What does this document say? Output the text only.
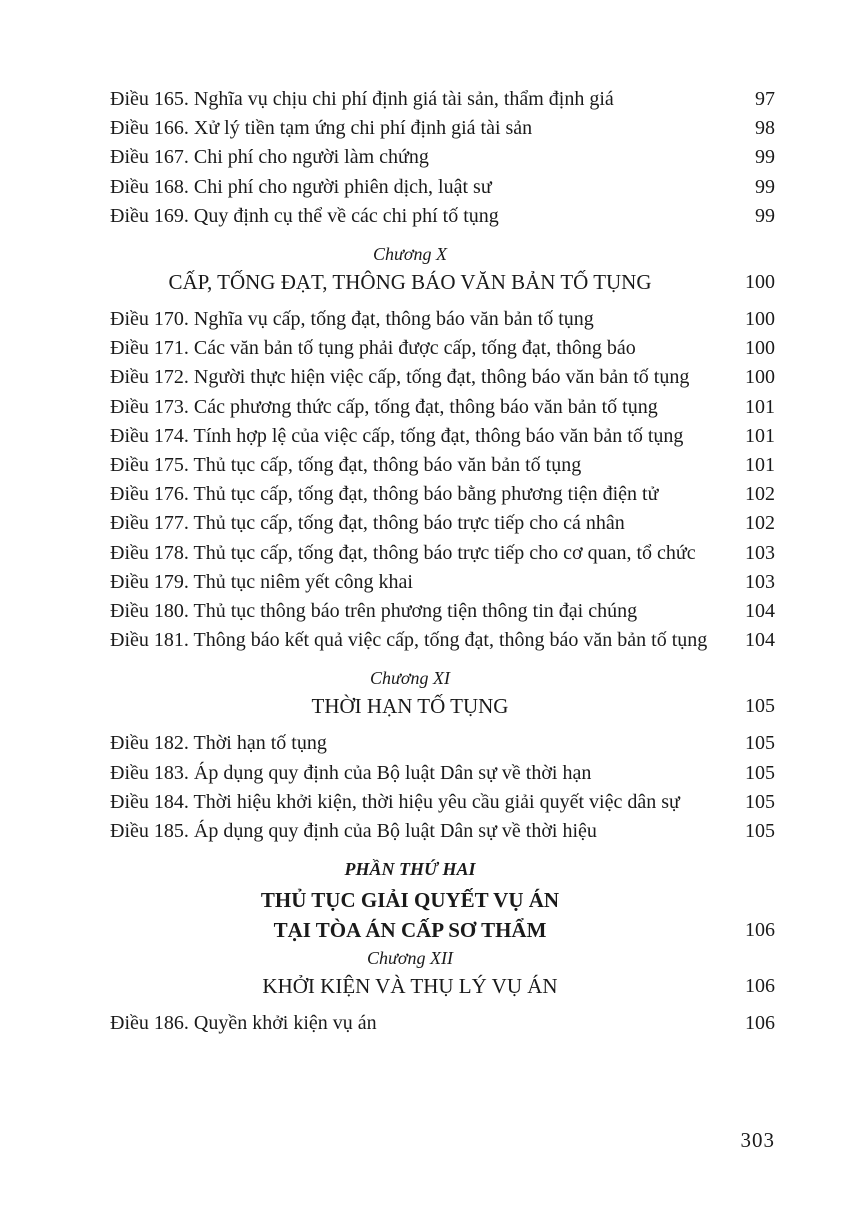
Điều 165. Nghĩa vụ chịu chi phí định giá tài sản, thẩm định giá	97
Điều 166. Xử lý tiền tạm ứng chi phí định giá tài sản	98
Điều 167. Chi phí cho người làm chứng	99
Điều 168. Chi phí cho người phiên dịch, luật sư	99
Điều 169. Quy định cụ thể về các chi phí tố tụng	99
Chương X
CẤP, TỐNG ĐẠT, THÔNG BÁO VĂN BẢN TỐ TỤNG	100
Điều 170. Nghĩa vụ cấp, tống đạt, thông báo văn bản tố tụng	100
Điều 171. Các văn bản tố tụng phải được cấp, tống đạt, thông báo	100
Điều 172. Người thực hiện việc cấp, tống đạt, thông báo văn bản tố tụng	100
Điều 173. Các phương thức cấp, tống đạt, thông báo văn bản tố tụng	101
Điều 174. Tính hợp lệ của việc cấp, tống đạt, thông báo văn bản tố tụng	101
Điều 175. Thủ tục cấp, tống đạt, thông báo văn bản tố tụng	101
Điều 176. Thủ tục cấp, tống đạt, thông báo bằng phương tiện điện tử	102
Điều 177. Thủ tục cấp, tống đạt, thông báo trực tiếp cho cá nhân	102
Điều 178. Thủ tục cấp, tống đạt, thông báo trực tiếp cho cơ quan, tổ chức 103
Điều 179. Thủ tục niêm yết công khai	103
Điều 180. Thủ tục thông báo trên phương tiện thông tin đại chúng	104
Điều 181. Thông báo kết quả việc cấp, tống đạt, thông báo văn bản tố tụng 104
Chương XI
THỜI HẠN TỐ TỤNG	105
Điều 182. Thời hạn tố tụng	105
Điều 183. Áp dụng quy định của Bộ luật Dân sự về thời hạn	105
Điều 184. Thời hiệu khởi kiện, thời hiệu yêu cầu giải quyết việc dân sự	105
Điều 185. Áp dụng quy định của Bộ luật Dân sự về thời hiệu	105
PHẦN THỨ HAI
THỦ TỤC GIẢI QUYẾT VỤ ÁN
TẠI TÒA ÁN CẤP SƠ THẨM	106
Chương XII
KHỞI KIỆN VÀ THỤ LÝ VỤ ÁN	106
Điều 186. Quyền khởi kiện vụ án	106
303
